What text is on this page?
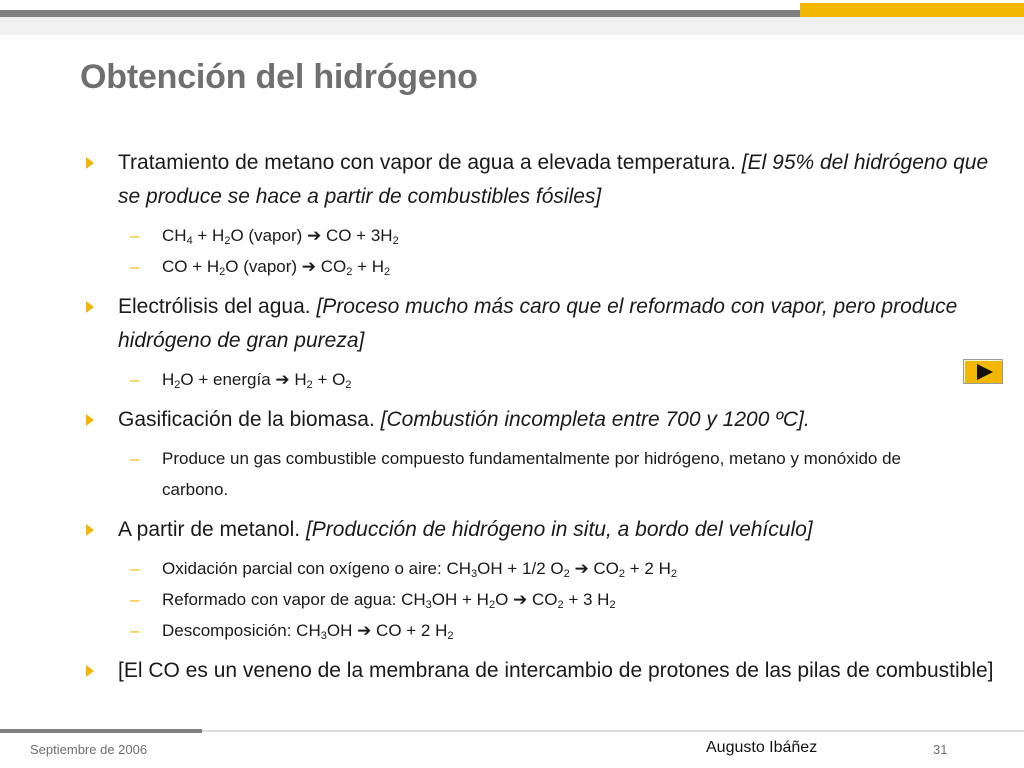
Obtención del hidrógeno
Tratamiento de metano con vapor de agua a elevada temperatura. [El 95% del hidrógeno que se produce se hace a partir de combustibles fósiles]
– $CH_4 + H_2O$ (vapor) ➔ CO + $3H_2$
– CO + $H_2O$ (vapor) ➔ $CO_2 + H_2$
Electrólisis del agua. [Proceso mucho más caro que el reformado con vapor, pero produce hidrógeno de gran pureza]
– $H_2O$ + energía ➔ $H_2 + O_2$
Gasificación de la biomasa. [Combustión incompleta entre 700 y 1200 ºC].
– Produce un gas combustible compuesto fundamentalmente por hidrógeno, metano y monóxido de carbono.
A partir de metanol. [Producción de hidrógeno in situ, a bordo del vehículo]
– Oxidación parcial con oxígeno o aire: $CH_3OH + 1/2$ $O_2$ ➔ $CO_2 + 2$ $H_2$
– Reformado con vapor de agua: $CH_3OH + H_2O$ ➔ $CO_2 + 3$ $H_2$
– Descomposición: $CH_3OH$ ➔ CO + 2 $H_2$
[El CO es un veneno de la membrana de intercambio de protones de las pilas de combustible]
Septiembre de 2006	Augusto Ibáñez	31
